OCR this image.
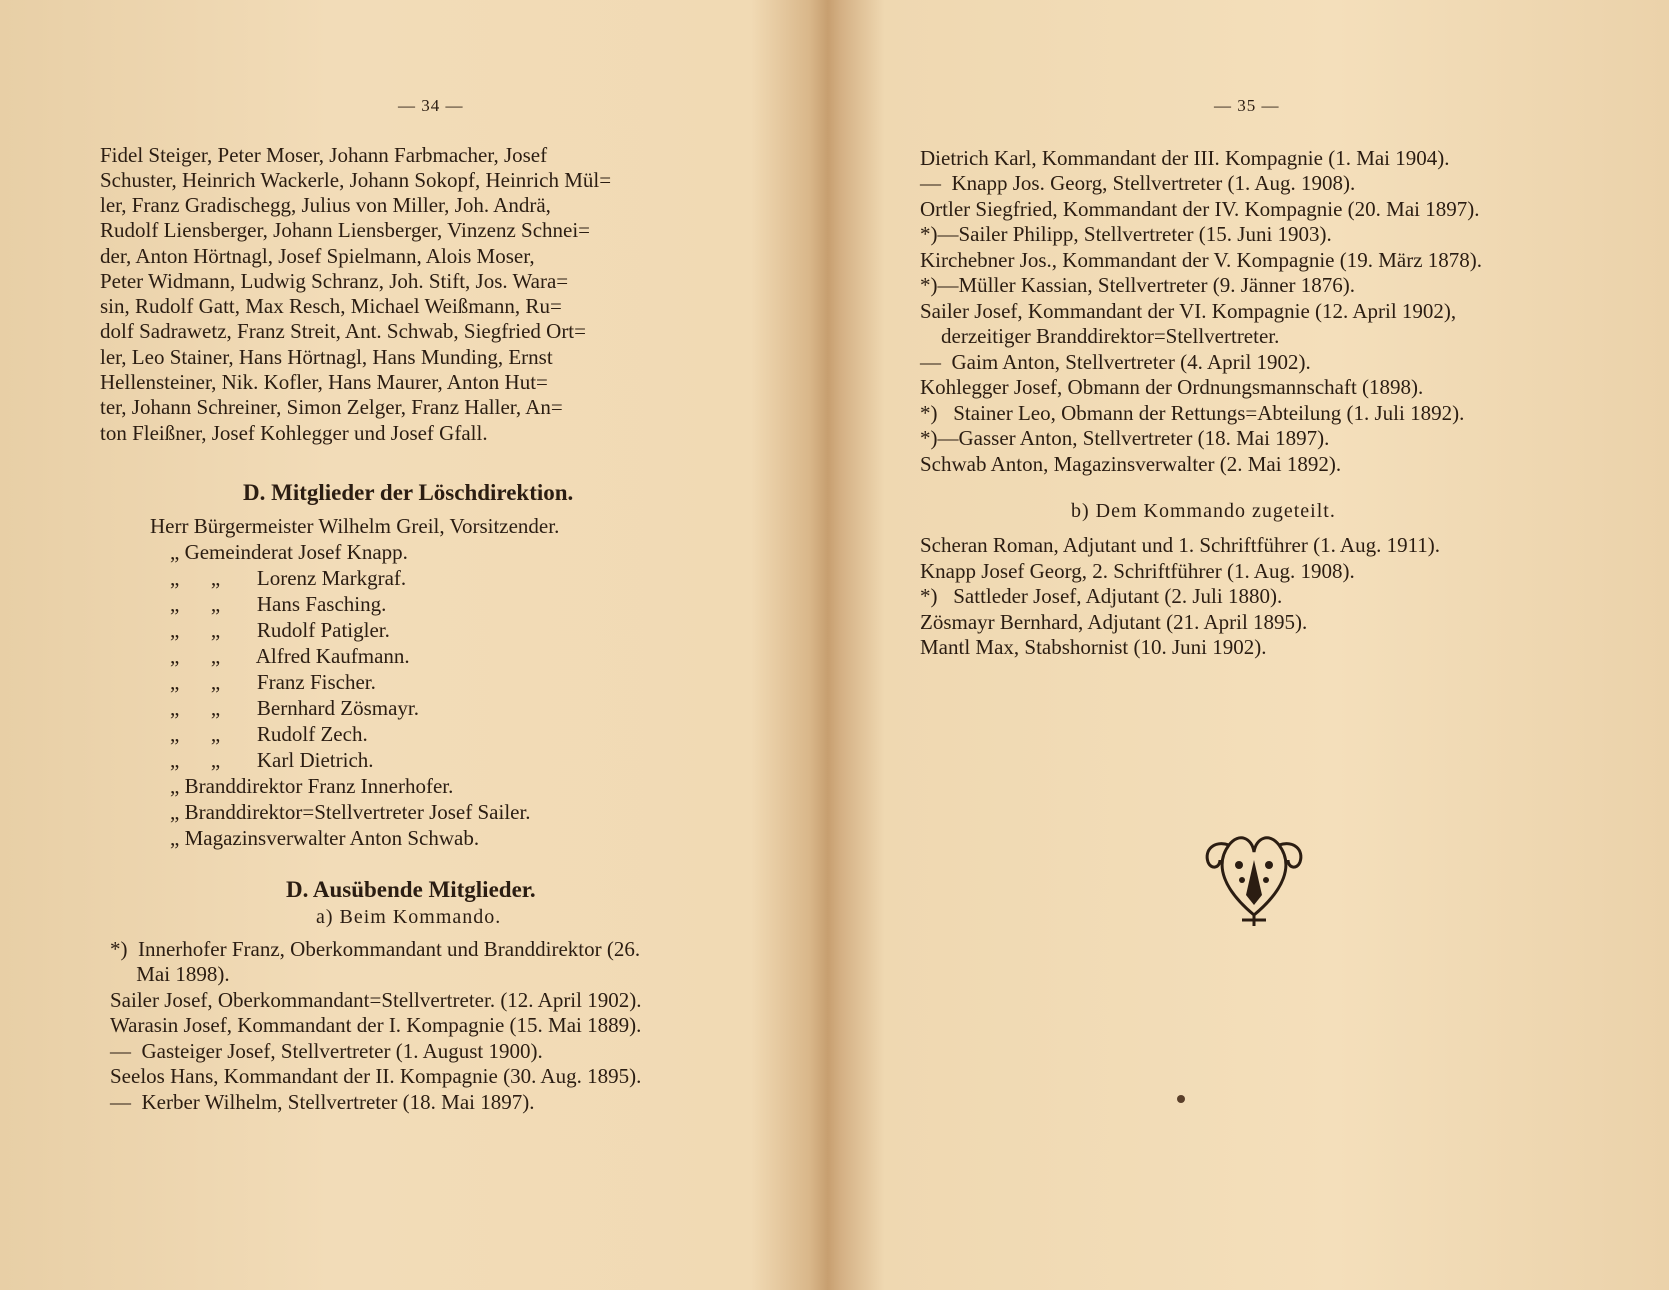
— 34 —
Fidel Steiger, Peter Moser, Johann Farbmacher, Josef
Schuster, Heinrich Wackerle, Johann Sokopf, Heinrich Mül=
ler, Franz Gradischegg, Julius von Miller, Joh. Andrä,
Rudolf Liensberger, Johann Liensberger, Vinzenz Schnei=
der, Anton Hörtnagl, Josef Spielmann, Alois Moser,
Peter Widmann, Ludwig Schranz, Joh. Stift, Jos. Wara=
sin, Rudolf Gatt, Max Resch, Michael Weißmann, Ru=
dolf Sadrawetz, Franz Streit, Ant. Schwab, Siegfried Ort=
ler, Leo Stainer, Hans Hörtnagl, Hans Munding, Ernst
Hellensteiner, Nik. Kofler, Hans Maurer, Anton Hut=
ter, Johann Schreiner, Simon Zelger, Franz Haller, An=
ton Fleißner, Josef Kohlegger und Josef Gfall.
D. Mitglieder der Löschdirektion.
Herr Bürgermeister Wilhelm Greil, Vorsitzender.
„ Gemeinderat Josef Knapp.
„      „       Lorenz Markgraf.
„      „       Hans Fasching.
„      „       Rudolf Patigler.
„      „       Alfred Kaufmann.
„      „       Franz Fischer.
„      „       Bernhard Zösmayr.
„      „       Rudolf Zech.
„      „       Karl Dietrich.
„ Branddirektor Franz Innerhofer.
„ Branddirektor=Stellvertreter Josef Sailer.
„ Magazinsverwalter Anton Schwab.
D. Ausübende Mitglieder.
a) Beim Kommando.
*)  Innerhofer Franz, Oberkommandant und Branddirektor (26.
Mai 1898).
Sailer Josef, Oberkommandant=Stellvertreter. (12. April 1902).
Warasin Josef, Kommandant der I. Kompagnie (15. Mai 1889).
—  Gasteiger Josef, Stellvertreter (1. August 1900).
Seelos Hans, Kommandant der II. Kompagnie (30. Aug. 1895).
—  Kerber Wilhelm, Stellvertreter (18. Mai 1897).
— 35 —
Dietrich Karl, Kommandant der III. Kompagnie (1. Mai 1904).
—  Knapp Jos. Georg, Stellvertreter (1. Aug. 1908).
Ortler Siegfried, Kommandant der IV. Kompagnie (20. Mai 1897).
*)—Sailer Philipp, Stellvertreter (15. Juni 1903).
Kirchebner Jos., Kommandant der V. Kompagnie (19. März 1878).
*)—Müller Kassian, Stellvertreter (9. Jänner 1876).
Sailer Josef, Kommandant der VI. Kompagnie (12. April 1902),
derzeitiger Branddirektor=Stellvertreter.
—  Gaim Anton, Stellvertreter (4. April 1902).
Kohlegger Josef, Obmann der Ordnungsmannschaft (1898).
*)   Stainer Leo, Obmann der Rettungs=Abteilung (1. Juli 1892).
*)—Gasser Anton, Stellvertreter (18. Mai 1897).
Schwab Anton, Magazinsverwalter (2. Mai 1892).
b) Dem Kommando zugeteilt.
Scheran Roman, Adjutant und 1. Schriftführer (1. Aug. 1911).
Knapp Josef Georg, 2. Schriftführer (1. Aug. 1908).
*)   Sattleder Josef, Adjutant (2. Juli 1880).
Zösmayr Bernhard, Adjutant (21. April 1895).
Mantl Max, Stabshornist (10. Juni 1902).
